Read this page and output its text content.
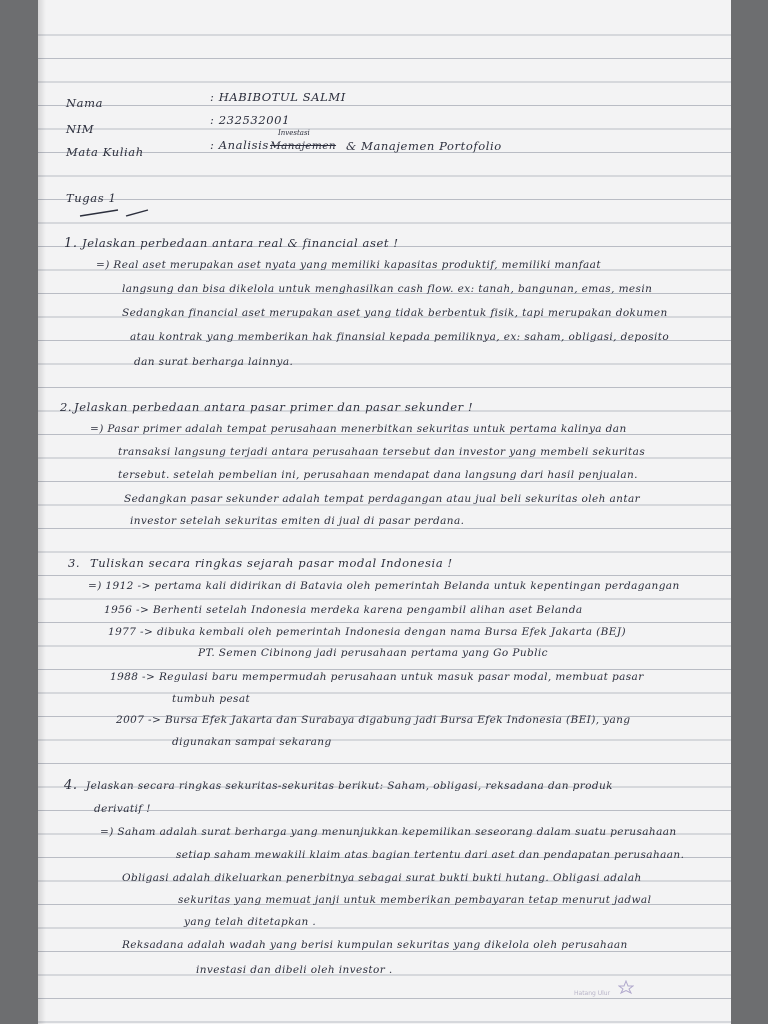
Nama	: HABIBOTUL SALMI
NIM
: 232532001
Mata Kuliah	: Analisis
Investasi
Manajemen & Manajemen Portofolio
Tugas 1
1. Jelaskan perbedaan antara real & financial aset !
=) Real aset merupakan aset nyata yang memiliki kapasitas produktif, memiliki manfaat
langsung dan bisa dikelola untuk menghasilkan cash flow. ex: tanah, bangunan, emas, mesin
Sedangkan financial aset merupakan aset yang tidak berbentuk fisik, tapi merupakan dokumen
atau kontrak yang memberikan hak finansial kepada pemiliknya, ex: saham, obligasi, deposito
dan surat berharga lainnya.
2. Jelaskan perbedaan antara pasar primer dan pasar sekunder !
=) Pasar primer adalah tempat perusahaan menerbitkan sekuritas untuk pertama kalinya dan
transaksi langsung terjadi antara perusahaan tersebut dan investor yang membeli sekuritas
tersebut. setelah pembelian ini, perusahaan mendapat dana langsung dari hasil penjualan.
Sedangkan pasar sekunder adalah tempat perdagangan atau jual beli sekuritas oleh antar
investor setelah sekuritas emiten di jual di pasar perdana.
3. Tuliskan secara ringkas sejarah pasar modal Indonesia !
=) 1912 -> pertama kali didirikan di Batavia oleh pemerintah Belanda untuk kepentingan perdagangan
1956 -> Berhenti setelah Indonesia merdeka karena pengambil alihan aset Belanda
1977 -> dibuka kembali oleh pemerintah Indonesia dengan nama Bursa Efek Jakarta (BEJ)
PT. Semen Cibinong jadi perusahaan pertama yang Go Public
1988 -> Regulasi baru mempermudah perusahaan untuk masuk pasar modal, membuat pasar
tumbuh pesat
2007 -> Bursa Efek Jakarta dan Surabaya digabung jadi Bursa Efek Indonesia (BEI), yang
digunakan sampai sekarang
4. Jelaskan secara ringkas sekuritas-sekuritas berikut: Saham, obligasi, reksadana dan produk
derivatif !
=) Saham adalah surat berharga yang menunjukkan kepemilikan seseorang dalam suatu perusahaan
setiap saham mewakili klaim atas bagian tertentu dari aset dan pendapatan perusahaan.
Obligasi adalah dikeluarkan penerbitnya sebagai surat bukti bukti hutang. Obligasi adalah
sekuritas yang memuat janji untuk memberikan pembayaran tetap menurut jadwal
yang telah ditetapkan .
Reksadana adalah wadah yang berisi kumpulan sekuritas yang dikelola oleh perusahaan
investasi dan dibeli oleh investor .
Hatang Ulur
